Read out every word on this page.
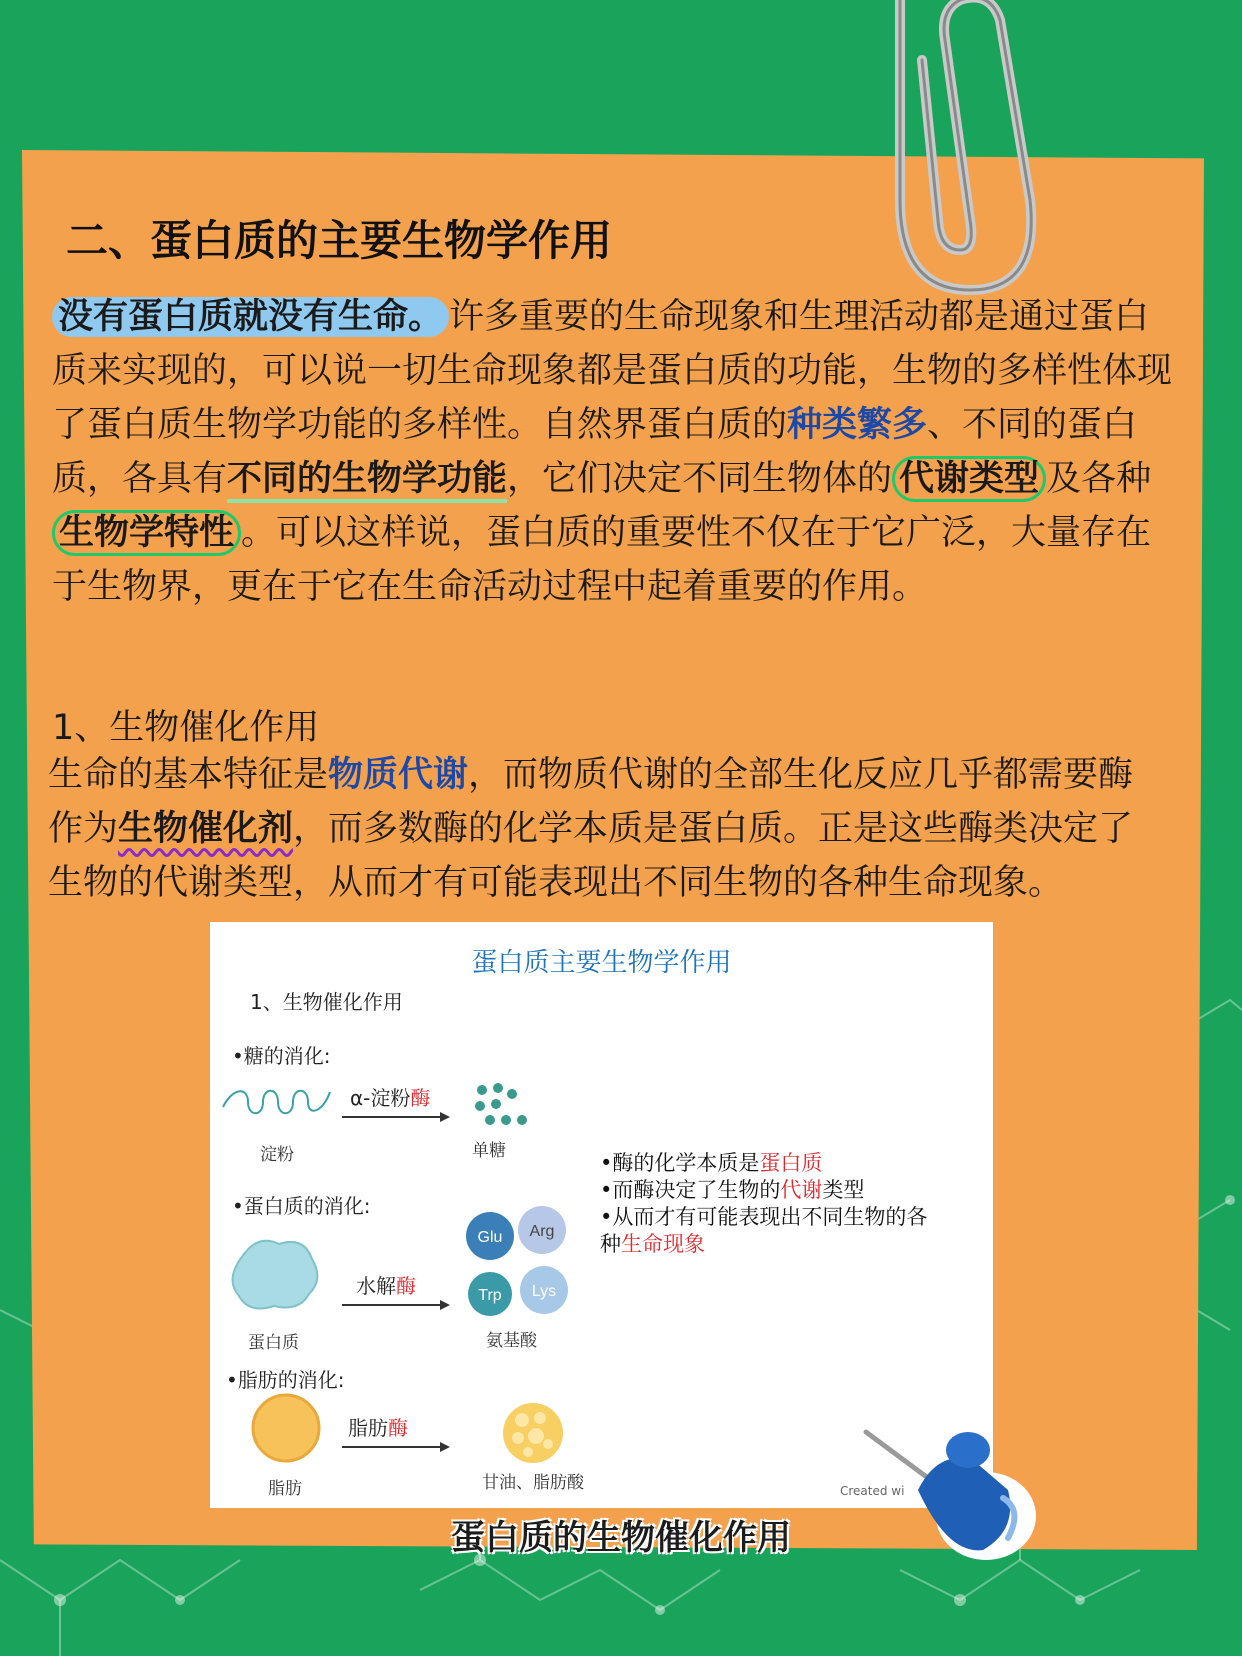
二、蛋白质的主要生物学作用

没有蛋白质就没有生命。 许多重要的生命现象和生理活动都是通过蛋白质来实现的，可以说一切生命现象都是蛋白质的功能，生物的多样性体现了蛋白质生物学功能的多样性。自然界蛋白质的种类繁多、不同的蛋白质，各具有不同的生物学功能，它们决定不同生物体的 代谢类型 及各种生物学特性 。可以这样说，蛋白质的重要性不仅在于它广泛，大量存在于生物界，更在于它在生命活动过程中起着重要的作用。

1、生物催化作用

生命的基本特征是物质代谢，而物质代谢的全部生化反应几乎都需要酶作为生物催化剂，而多数酶的化学本质是蛋白质。正是这些酶类决定了生物的代谢类型，从而才有可能表现出不同生物的各种生命现象。

蛋白质主要生物学作用
1、生物催化作用
•糖的消化:
淀粉
α-淀粉酶
单糖
•蛋白质的消化:
蛋白质
水解酶
Glu Arg
Trp Lys
氨基酸
•脂肪的消化:
脂肪
脂肪酶
甘油、脂肪酸
•酶的化学本质是蛋白质
•而酶决定了生物的代谢类型
•从而才有可能表现出不同生物的各
种生命现象
Created wi
蛋白质的生物催化作用
